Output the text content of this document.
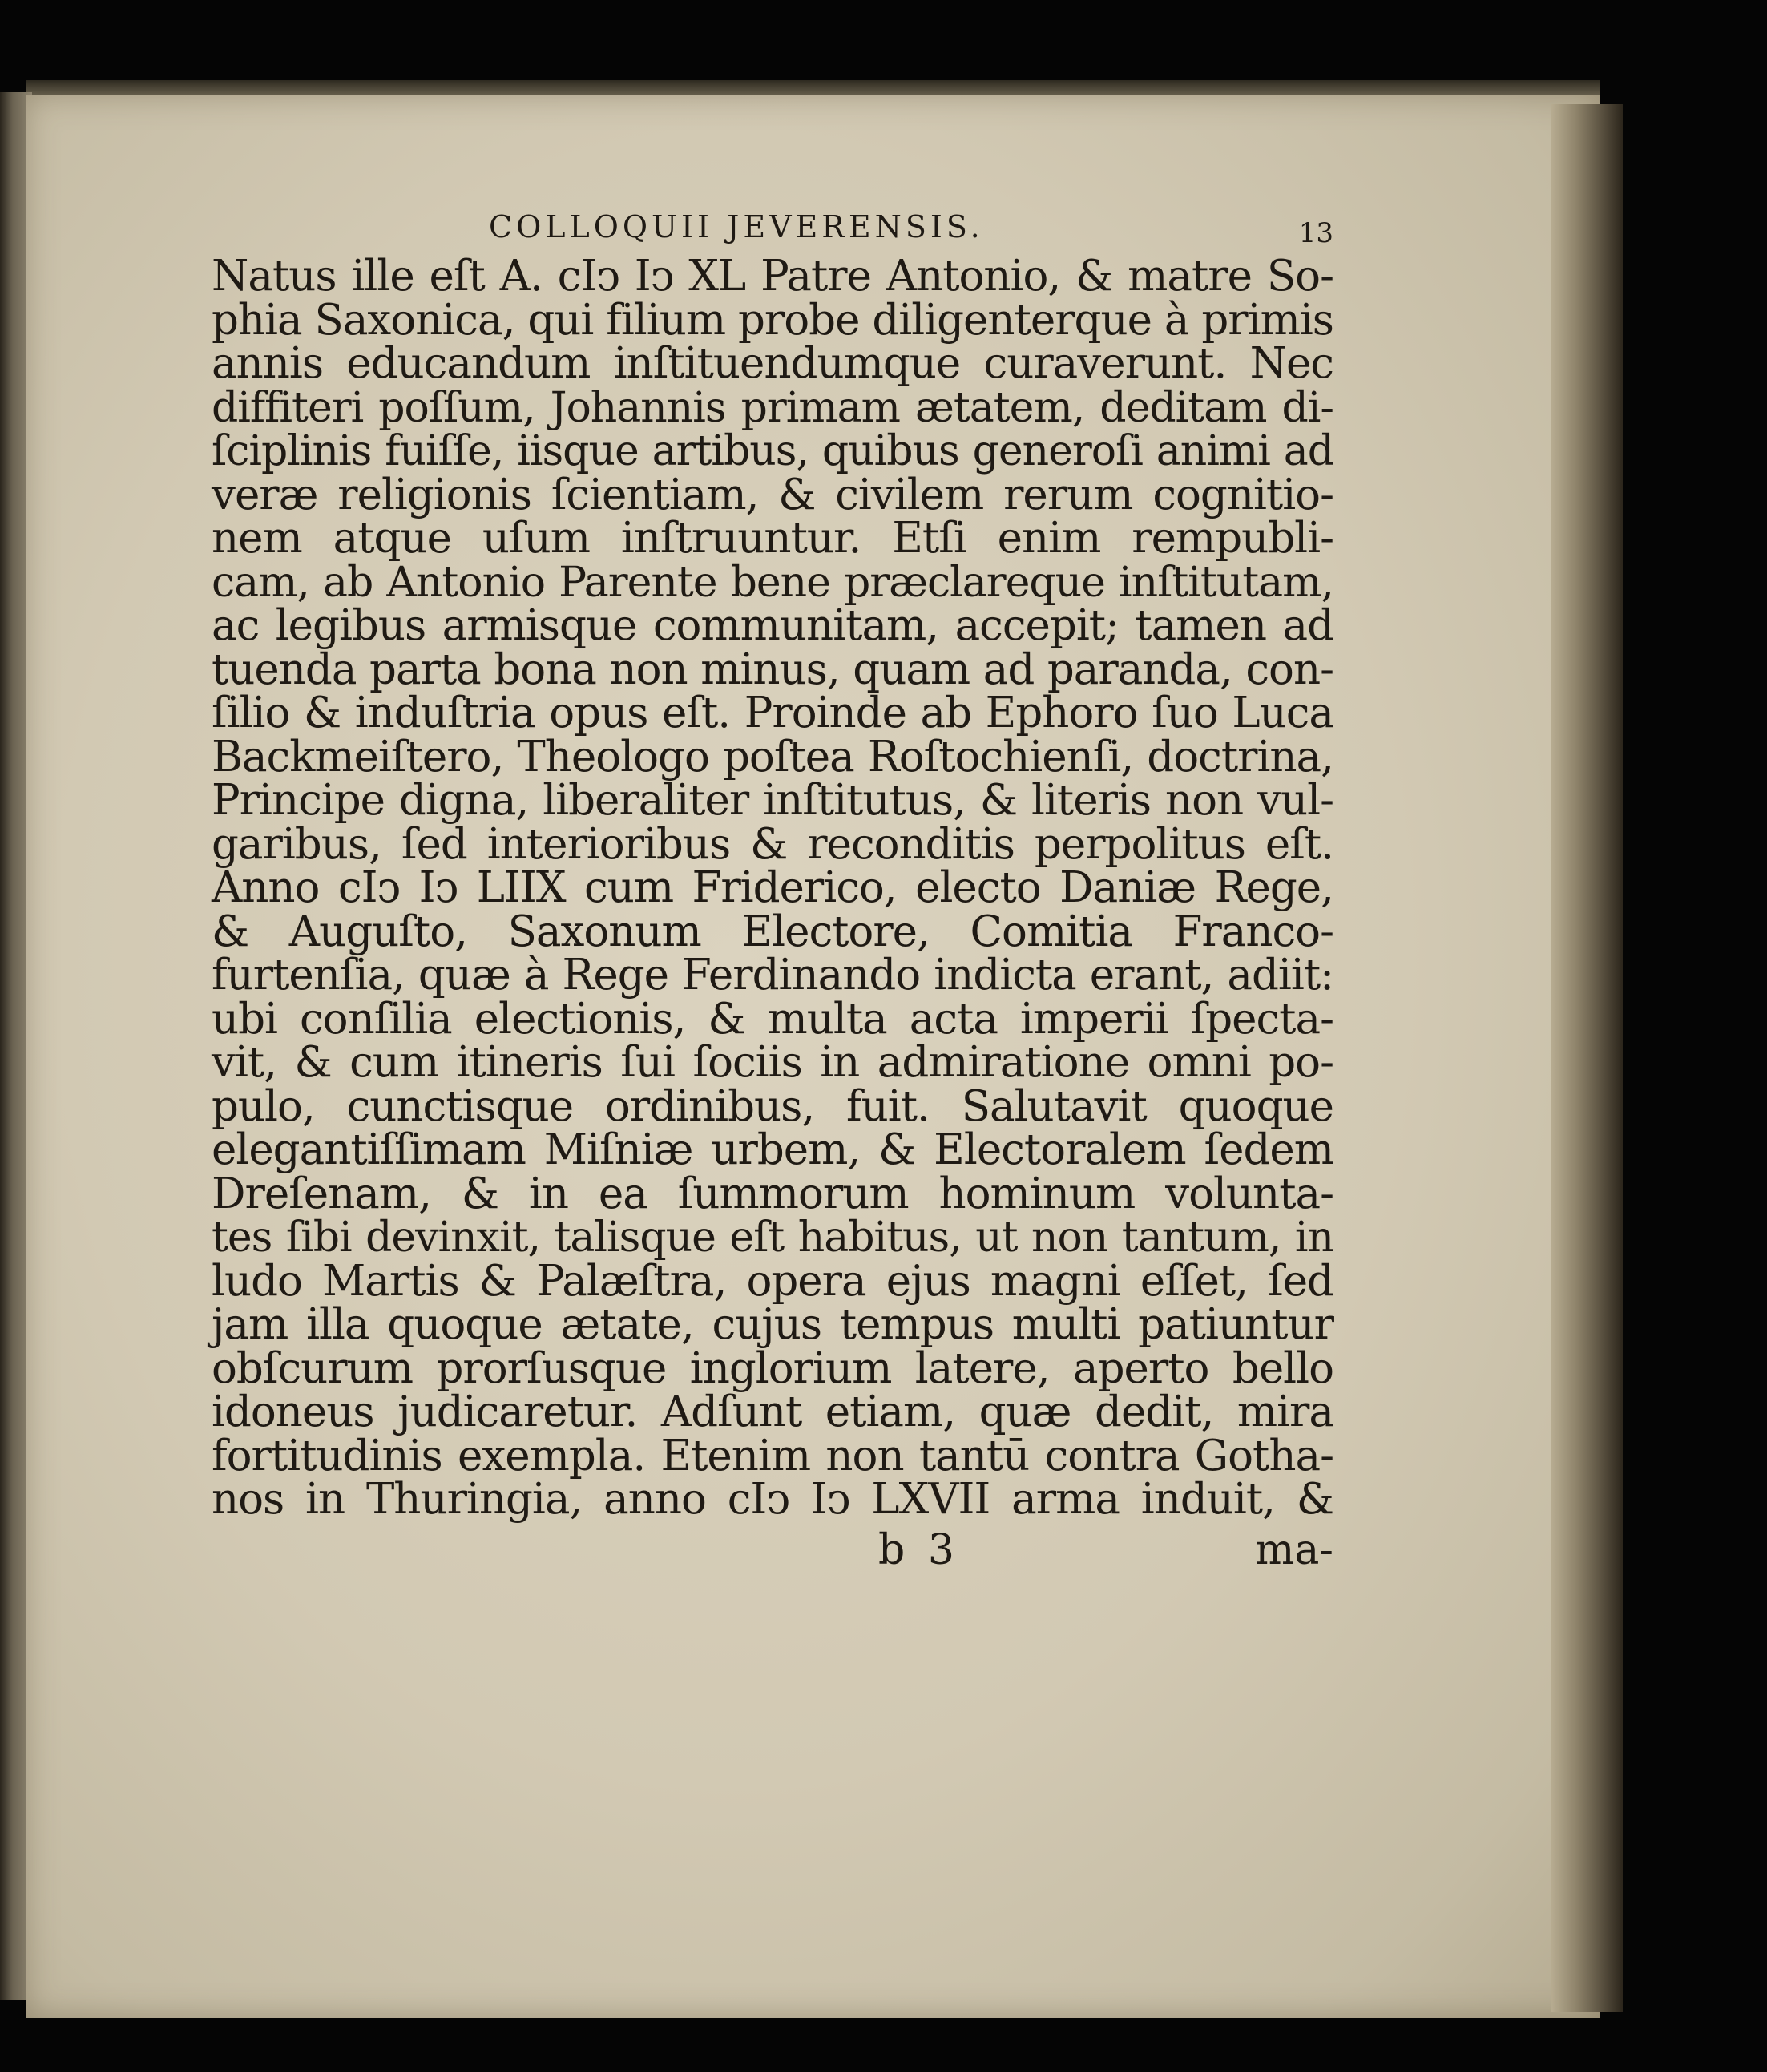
COLLOQUII JEVERENSIS.	13
Natus ille eſt A. cIↄ Iↄ XL Patre Antonio, & matre So-
phia Saxonica, qui filium probe diligenterque à primis
annis educandum inſtituendumque curaverunt. Nec
diffiteri poſſum, Johannis primam ætatem, deditam di-
ſciplinis fuiſſe, iisque artibus, quibus generoſi animi ad
veræ religionis ſcientiam, & civilem rerum cognitio-
nem atque uſum inſtruuntur. Etſi enim rempubli-
cam, ab Antonio Parente bene præclareque inſtitutam,
ac legibus armisque communitam, accepit; tamen ad
tuenda parta bona non minus, quam ad paranda, con-
ſilio & induſtria opus eſt. Proinde ab Ephoro ſuo Luca
Backmeiſtero, Theologo poſtea Roſtochienſi, doctrina,
Principe digna, liberaliter inſtitutus, & literis non vul-
garibus, ſed interioribus & reconditis perpolitus eſt.
Anno cIↄ Iↄ LIIX cum Friderico, electo Daniæ Rege,
& Auguſto, Saxonum Electore, Comitia Franco-
furtenſia, quæ à Rege Ferdinando indicta erant, adiit:
ubi conſilia electionis, & multa acta imperii ſpecta-
vit, & cum itineris ſui ſociis in admiratione omni po-
pulo, cunctisque ordinibus, fuit. Salutavit quoque
elegantiſſimam Miſniæ urbem, & Electoralem ſedem
Dreſenam, & in ea ſummorum hominum volunta-
tes ſibi devinxit, talisque eſt habitus, ut non tantum, in
ludo Martis & Palæſtra, opera ejus magni eſſet, ſed
jam illa quoque ætate, cujus tempus multi patiuntur
obſcurum prorſusque inglorium latere, aperto bello
idoneus judicaretur. Adſunt etiam, quæ dedit, mira
fortitudinis exempla. Etenim non tantū contra Gotha-
nos in Thuringia, anno cIↄ Iↄ LXVII arma induit, &
b 3	ma-
